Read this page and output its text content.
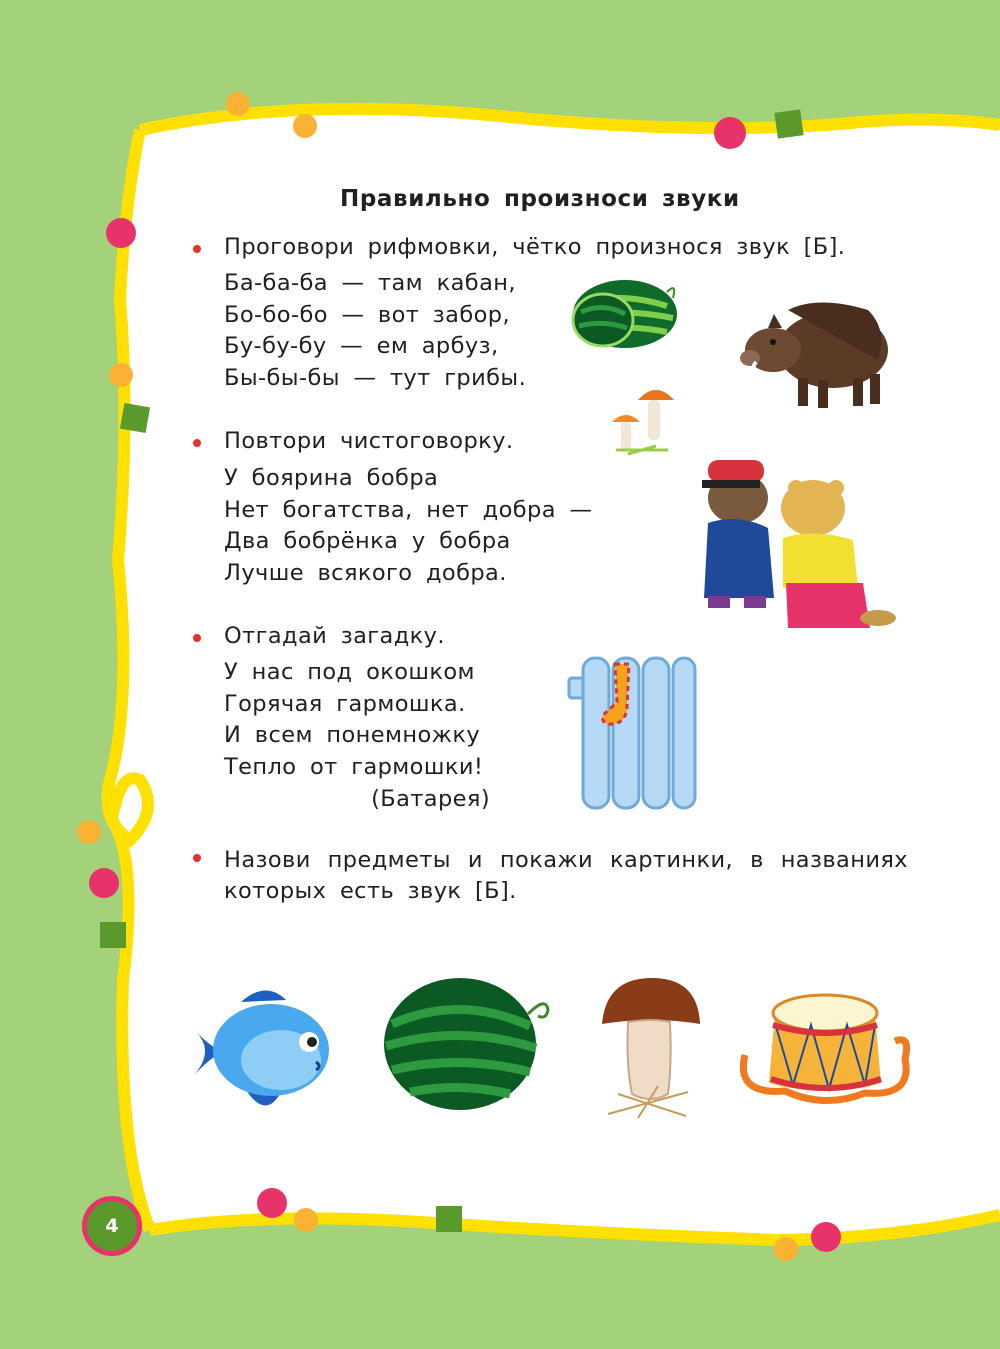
Правильно произноси звуки
Проговори рифмовки, чётко произнося звук [Б].
Ба-ба-ба — там кабан,
Бо-бо-бо — вот забор,
Бу-бу-бу — ем арбуз,
Бы-бы-бы — тут грибы.
Повтори чистоговорку.
У боярина бобра
Нет богатства, нет добра —
Два бобрёнка у бобра
Лучше всякого добра.
Отгадай загадку.
У нас под окошком
Горячая гармошка.
И всем понемножку
Тепло от гармошки!
(Батарея)
Назови предметы и покажи картинки, в названиях которых есть звук [Б].
4
